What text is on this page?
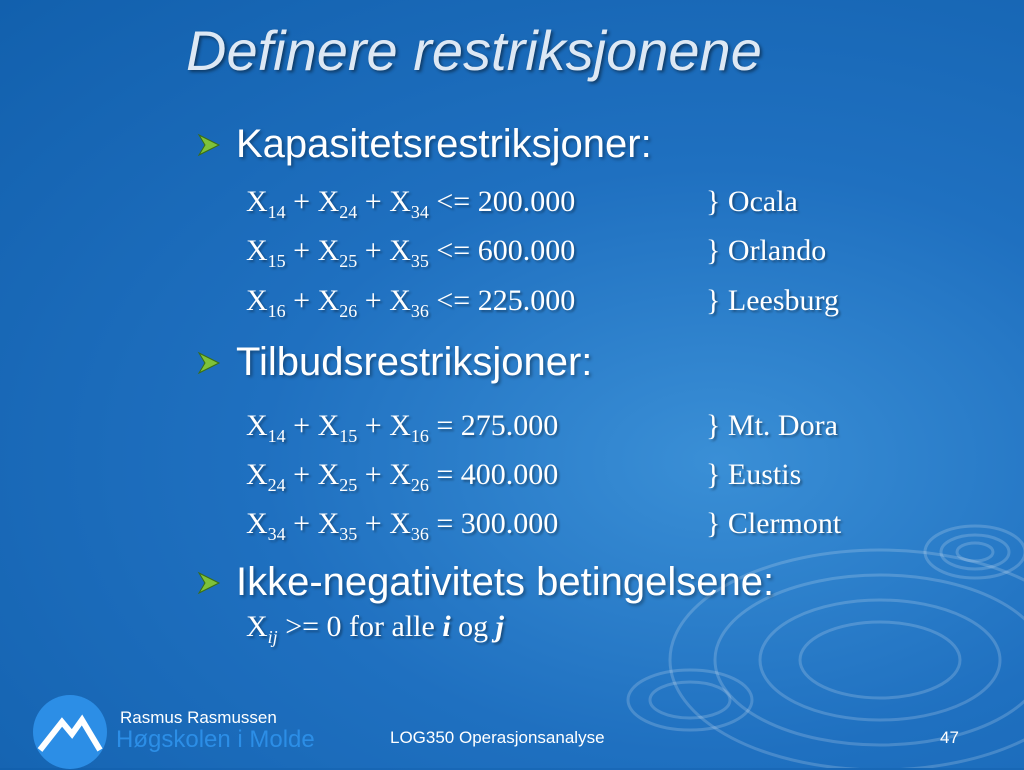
Definere restriksjonene
Kapasitetsrestriksjoner:
$X_{14} + X_{24} + X_{34} <= 200.000$	} Ocala
$X_{15} + X_{25} + X_{35} <= 600.000$	} Orlando
$X_{16} + X_{26} + X_{36} <= 225.000$	} Leesburg
Tilbudsrestriksjoner:
$X_{14} + X_{15} + X_{16} = 275.000$	} Mt. Dora
$X_{24} + X_{25} + X_{26} = 400.000$	} Eustis
$X_{34} + X_{35} + X_{36} = 300.000$	} Clermont
Ikke-negativitets betingelsene:
$X_{ij} >= 0$ for alle i og j
Rasmus Rasmussen
Høgskolen i Molde	LOG350 Operasjonsanalyse	47
